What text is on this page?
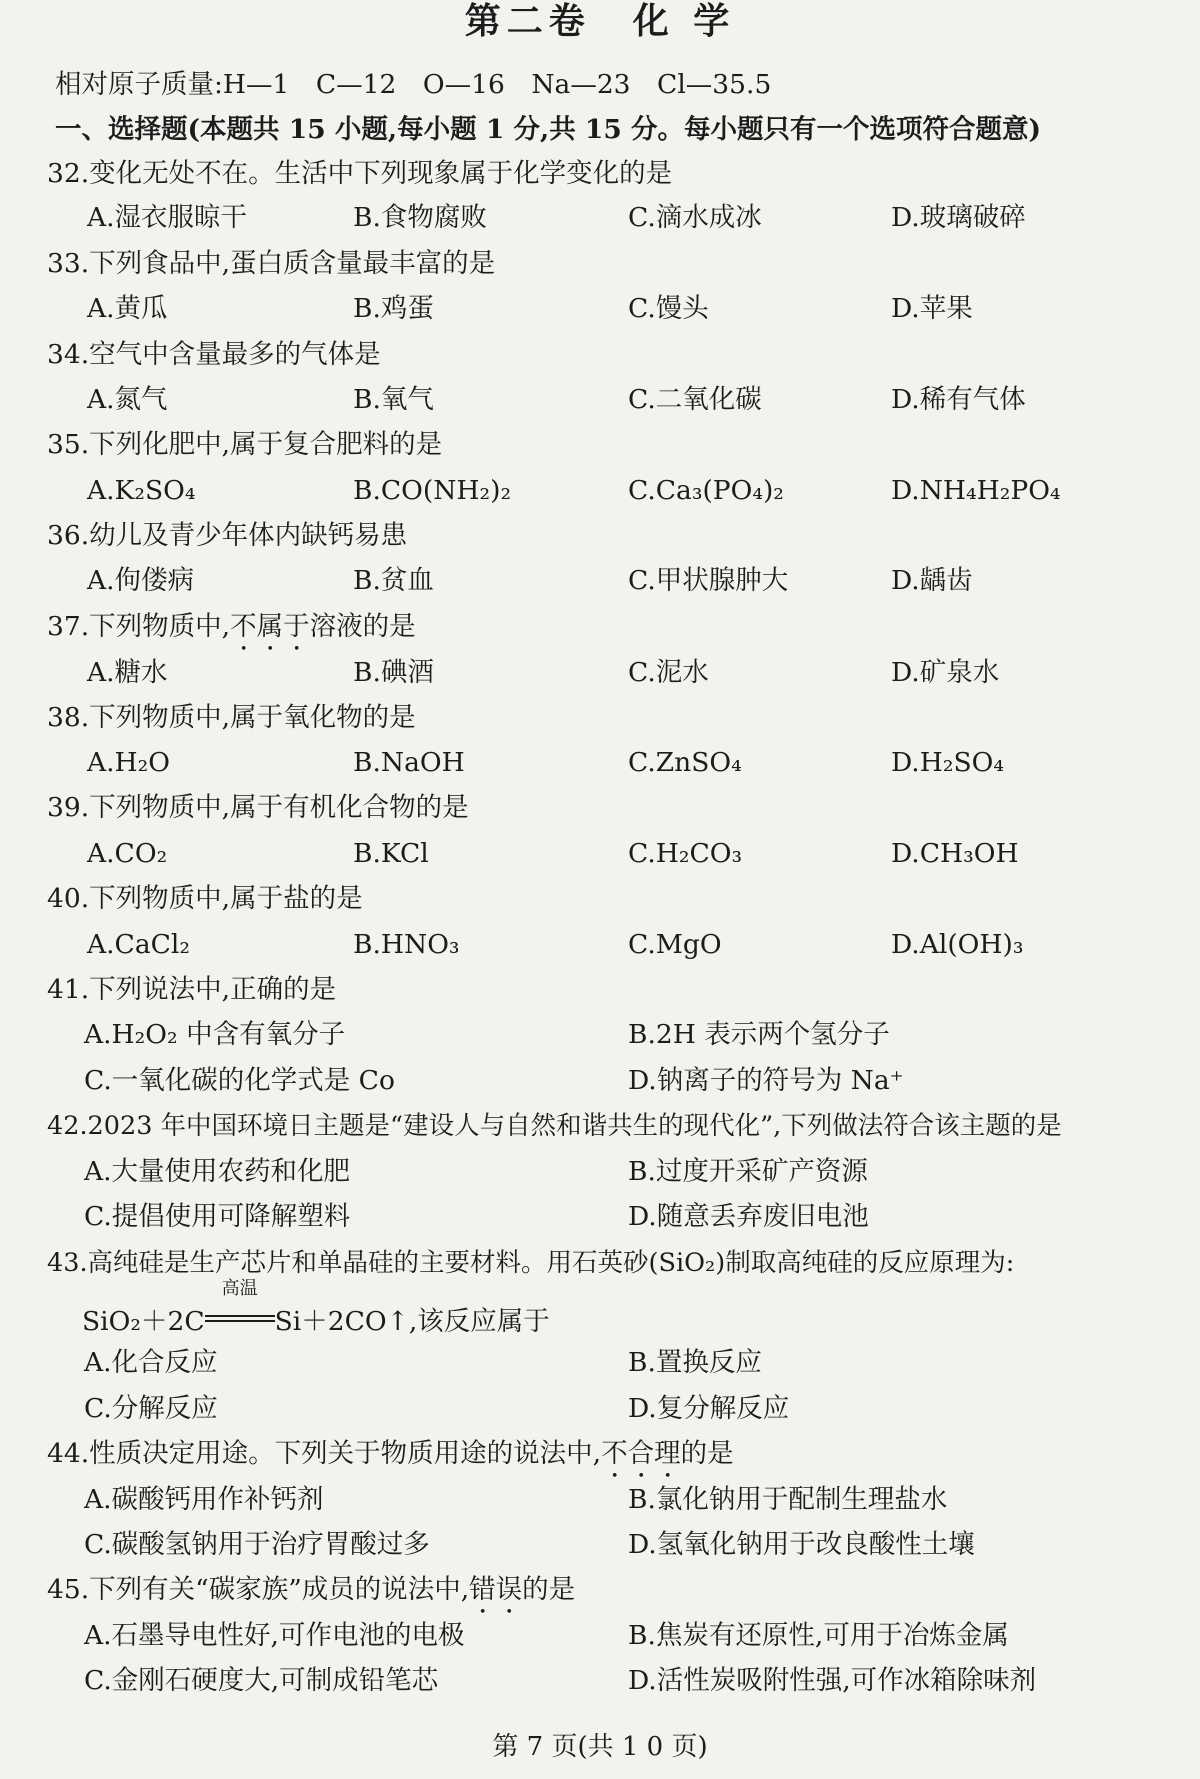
第二卷　化 学
相对原子质量:H—1　C—12　O—16　Na—23　Cl—35.5
一、选择题(本题共 15 小题,每小题 1 分,共 15 分。每小题只有一个选项符合题意)
32.变化无处不在。生活中下列现象属于化学变化的是
A.湿衣服晾干	B.食物腐败	C.滴水成冰	D.玻璃破碎
33.下列食品中,蛋白质含量最丰富的是
A.黄瓜	B.鸡蛋	C.馒头	D.苹果
34.空气中含量最多的气体是
A.氮气	B.氧气	C.二氧化碳	D.稀有气体
35.下列化肥中,属于复合肥料的是
A.K₂SO₄	B.CO(NH₂)₂	C.Ca₃(PO₄)₂	D.NH₄H₂PO₄
36.幼儿及青少年体内缺钙易患
A.佝偻病	B.贫血	C.甲状腺肿大	D.龋齿
37.下列物质中,不属于溶液的是
A.糖水	B.碘酒	C.泥水	D.矿泉水
38.下列物质中,属于氧化物的是
A.H₂O	B.NaOH	C.ZnSO₄	D.H₂SO₄
39.下列物质中,属于有机化合物的是
A.CO₂	B.KCl	C.H₂CO₃	D.CH₃OH
40.下列物质中,属于盐的是
A.CaCl₂	B.HNO₃	C.MgO	D.Al(OH)₃
41.下列说法中,正确的是
A.H₂O₂ 中含有氧分子	B.2H 表示两个氢分子
C.一氧化碳的化学式是 Co	D.钠离子的符号为 Na⁺
42.2023 年中国环境日主题是“建设人与自然和谐共生的现代化”,下列做法符合该主题的是
A.大量使用农药和化肥	B.过度开采矿产资源
C.提倡使用可降解塑料	D.随意丢弃废旧电池
43.高纯硅是生产芯片和单晶硅的主要材料。用石英砂(SiO₂)制取高纯硅的反应原理为:
SiO₂＋2C
高温
Si＋2CO↑,该反应属于
A.化合反应	B.置换反应
C.分解反应	D.复分解反应
44.性质决定用途。下列关于物质用途的说法中,不合理的是
A.碳酸钙用作补钙剂	B.氯化钠用于配制生理盐水
C.碳酸氢钠用于治疗胃酸过多	D.氢氧化钠用于改良酸性土壤
45.下列有关“碳家族”成员的说法中,错误的是
A.石墨导电性好,可作电池的电极	B.焦炭有还原性,可用于冶炼金属
C.金刚石硬度大,可制成铅笔芯	D.活性炭吸附性强,可作冰箱除味剂
第 7 页(共 1 0 页)
